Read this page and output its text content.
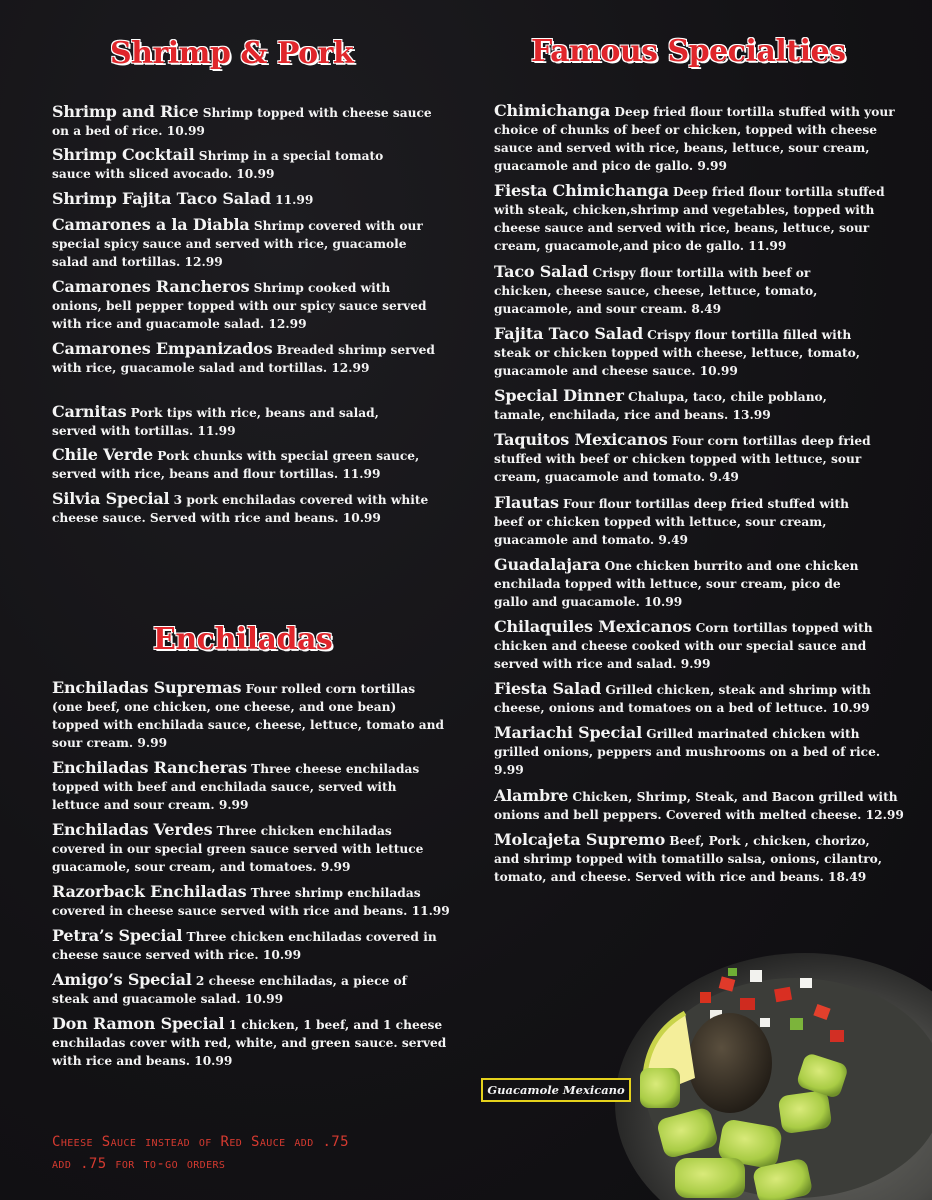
Shrimp & Pork	Famous Specialties
Enchiladas
Shrimp and Rice Shrimp topped with cheese sauce on a bed of rice. 10.99
Shrimp Cocktail Shrimp in a special tomato sauce with sliced avocado. 10.99
Shrimp Fajita Taco Salad 11.99
Camarones a la Diabla Shrimp covered with our special spicy sauce and served with rice, guacamole salad and tortillas. 12.99
Camarones Rancheros Shrimp cooked with onions, bell pepper topped with our spicy sauce served with rice and guacamole salad. 12.99
Camarones Empanizados Breaded shrimp served with rice, guacamole salad and tortillas. 12.99
Carnitas Pork tips with rice, beans and salad, served with tortillas. 11.99
Chile Verde Pork chunks with special green sauce, served with rice, beans and flour tortillas. 11.99
Silvia Special 3 pork enchiladas covered with white cheese sauce. Served with rice and beans. 10.99
Enchiladas Supremas Four rolled corn tortillas (one beef, one chicken, one cheese, and one bean) topped with enchilada sauce, cheese, lettuce, tomato and sour cream. 9.99
Enchiladas Rancheras Three cheese enchiladas topped with beef and enchilada sauce, served with lettuce and sour cream. 9.99
Enchiladas Verdes Three chicken enchiladas covered in our special green sauce served with lettuce guacamole, sour cream, and tomatoes. 9.99
Razorback Enchiladas Three shrimp enchiladas covered in cheese sauce served with rice and beans. 11.99
Petra’s Special Three chicken enchiladas covered in cheese sauce served with rice. 10.99
Amigo’s Special 2 cheese enchiladas, a piece of steak and guacamole salad. 10.99
Don Ramon Special 1 chicken, 1 beef, and 1 cheese enchiladas cover with red, white, and green sauce. served with rice and beans. 10.99
Chimichanga Deep fried flour tortilla stuffed with your choice of chunks of beef or chicken, topped with cheese sauce and served with rice, beans, lettuce, sour cream, guacamole and pico de gallo. 9.99
Fiesta Chimichanga Deep fried flour tortilla stuffed with steak, chicken,shrimp and vegetables, topped with cheese sauce and served with rice, beans, lettuce, sour cream, guacamole,and pico de gallo. 11.99
Taco Salad Crispy flour tortilla with beef or chicken, cheese sauce, cheese, lettuce, tomato, guacamole, and sour cream. 8.49
Fajita Taco Salad Crispy flour tortilla filled with steak or chicken topped with cheese, lettuce, tomato, guacamole and cheese sauce. 10.99
Special Dinner Chalupa, taco, chile poblano, tamale, enchilada, rice and beans. 13.99
Taquitos Mexicanos Four corn tortillas deep fried stuffed with beef or chicken topped with lettuce, sour cream, guacamole and tomato. 9.49
Flautas Four flour tortillas deep fried stuffed with beef or chicken topped with lettuce, sour cream, guacamole and tomato. 9.49
Guadalajara One chicken burrito and one chicken enchilada topped with lettuce, sour cream, pico de gallo and guacamole. 10.99
Chilaquiles Mexicanos Corn tortillas topped with chicken and cheese cooked with our special sauce and served with rice and salad. 9.99
Fiesta Salad Grilled chicken, steak and shrimp with cheese, onions and tomatoes on a bed of lettuce. 10.99
Mariachi Special Grilled marinated chicken with grilled onions, peppers and mushrooms on a bed of rice. 9.99
Alambre Chicken, Shrimp, Steak, and Bacon grilled with onions and bell peppers. Covered with melted cheese. 12.99
Molcajeta Supremo Beef, Pork , chicken, chorizo, and shrimp topped with tomatillo salsa, onions, cilantro, tomato, and cheese. Served with rice and beans. 18.49
Cheese Sauce instead of Red Sauce add .75
add .75 for to-go orders
Guacamole Mexicano
